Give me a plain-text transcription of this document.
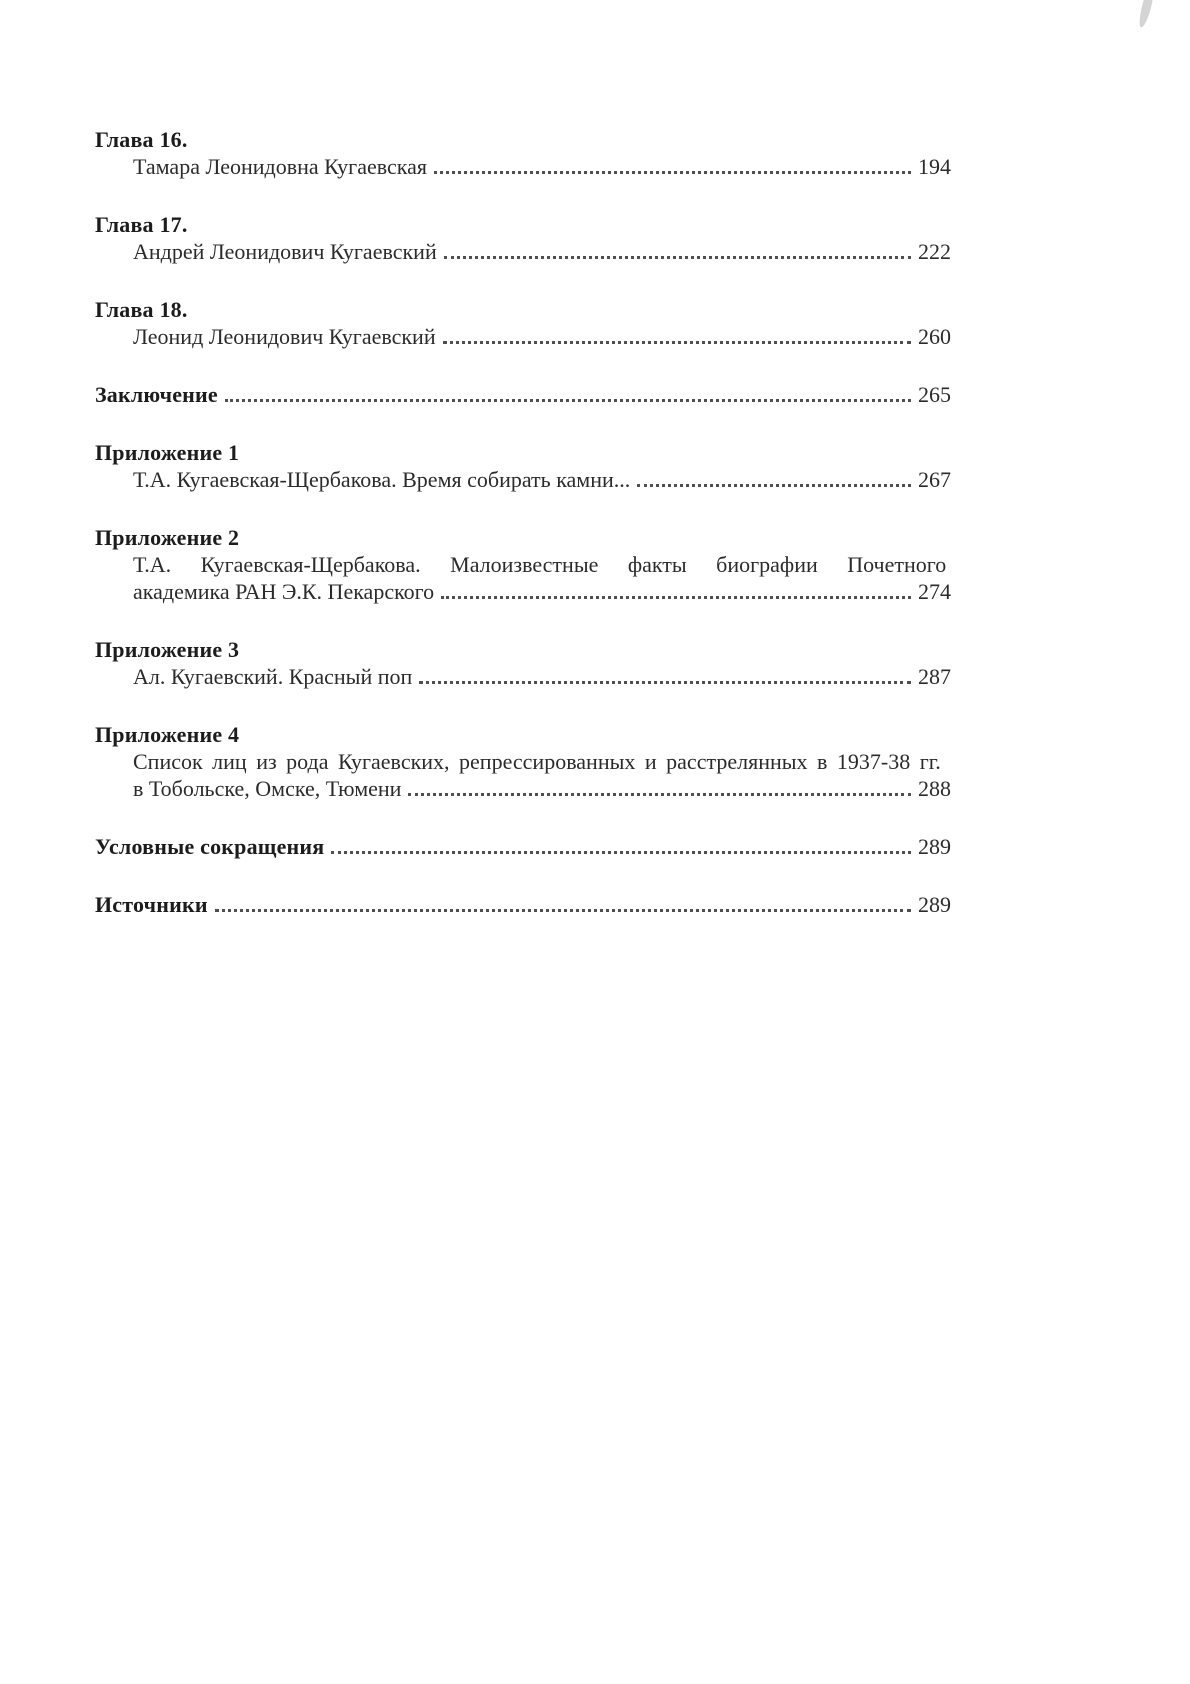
Глава 16.
Тамара Леонидовна Кугаевская	194
Глава 17.
Андрей Леонидович Кугаевский	222
Глава 18.
Леонид Леонидович Кугаевский	260
Заключение	265
Приложение 1
Т.А. Кугаевская-Щербакова. Время собирать камни...	267
Приложение 2
Т.А. Кугаевская-Щербакова. Малоизвестные факты биографии Почетного
академика РАН Э.К. Пекарского	274
Приложение 3
Ал. Кугаевский. Красный поп	287
Приложение 4
Список лиц из рода Кугаевских, репрессированных и расстрелянных в 1937-38 гг.
в Тобольске, Омске, Тюмени	288
Условные сокращения	289
Источники	289
